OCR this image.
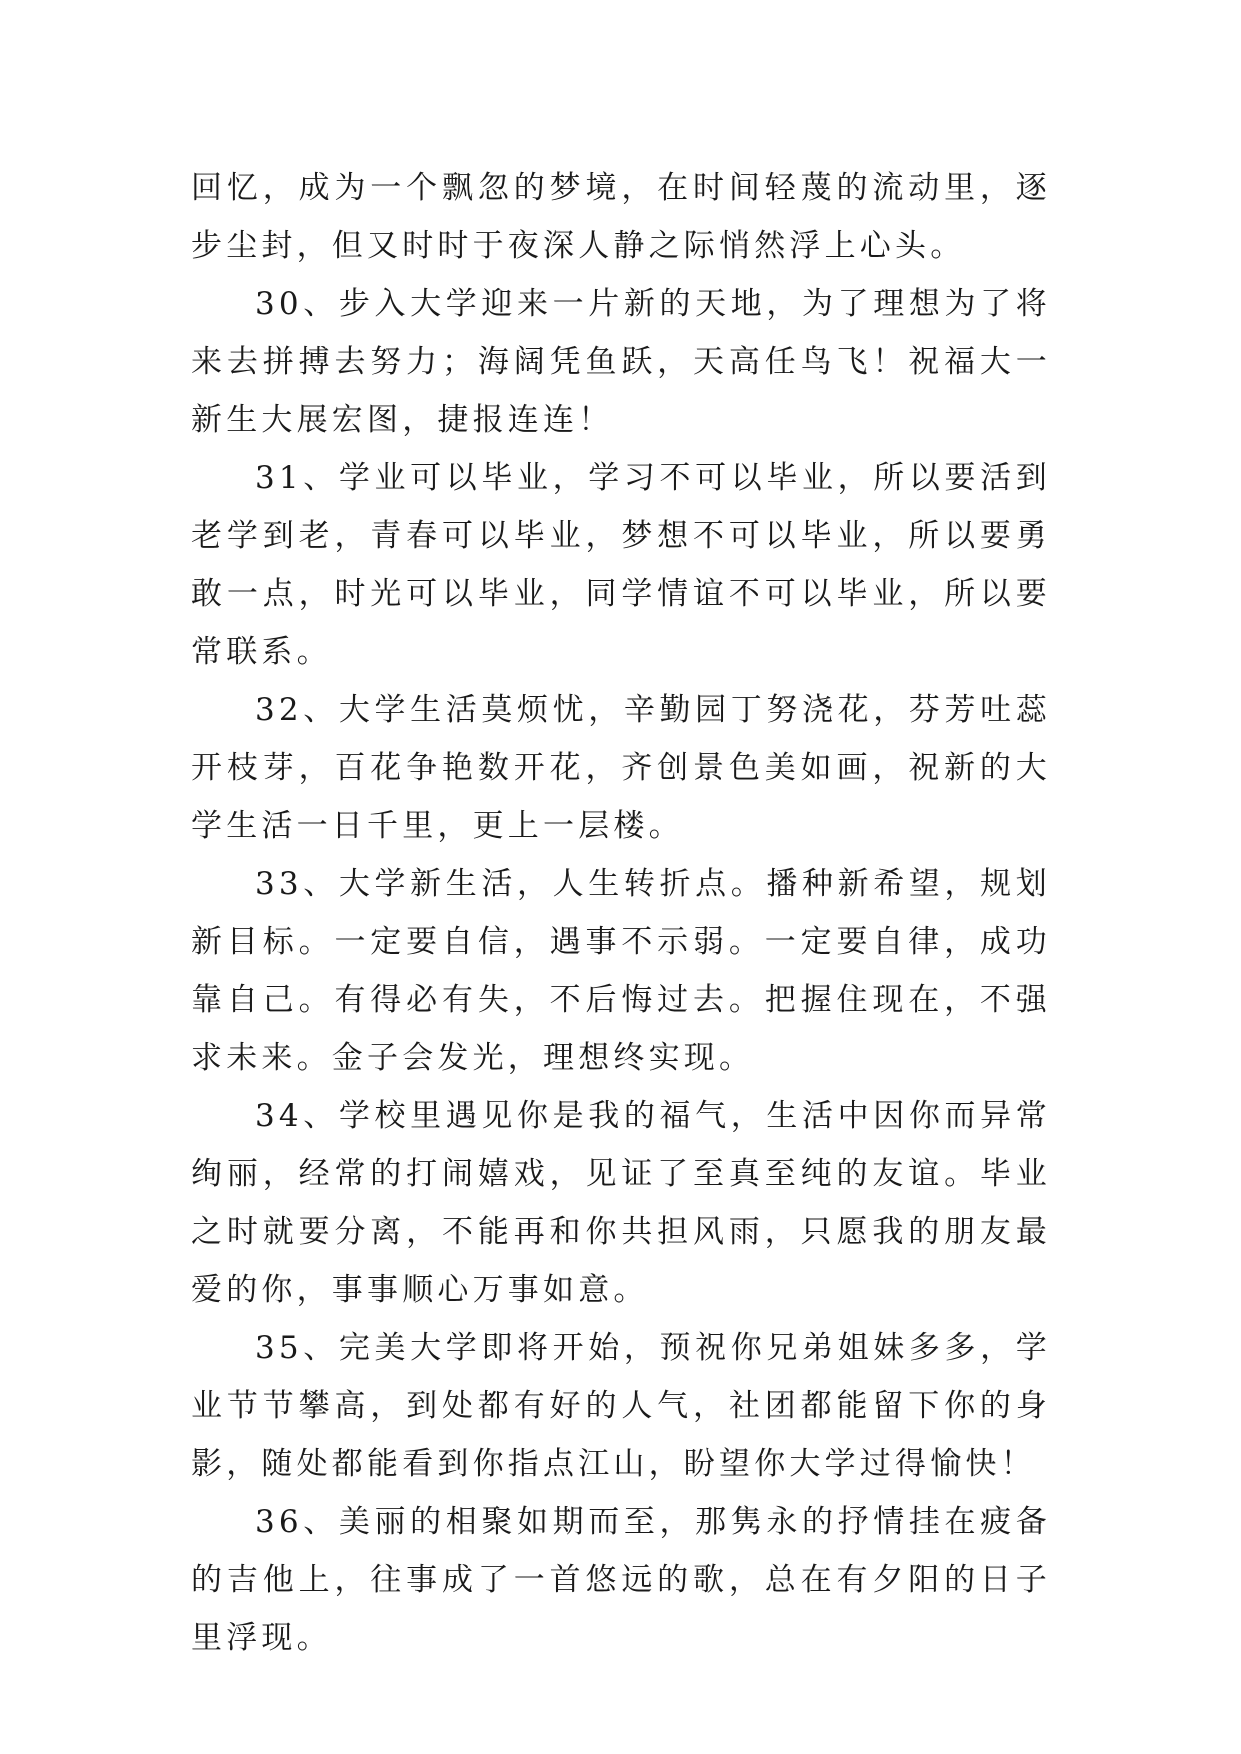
回忆，成为一个飘忽的梦境，在时间轻蔑的流动里，逐步尘封，但又时时于夜深人静之际悄然浮上心头。

30、步入大学迎来一片新的天地，为了理想为了将来去拼搏去努力；海阔凭鱼跃，天高任鸟飞！祝福大一新生大展宏图，捷报连连！

31、学业可以毕业，学习不可以毕业，所以要活到老学到老，青春可以毕业，梦想不可以毕业，所以要勇敢一点，时光可以毕业，同学情谊不可以毕业，所以要常联系。

32、大学生活莫烦忧，辛勤园丁努浇花，芬芳吐蕊开枝芽，百花争艳数开花，齐创景色美如画，祝新的大学生活一日千里，更上一层楼。

33、大学新生活，人生转折点。播种新希望，规划新目标。一定要自信，遇事不示弱。一定要自律，成功靠自己。有得必有失，不后悔过去。把握住现在，不强求未来。金子会发光，理想终实现。

34、学校里遇见你是我的福气，生活中因你而异常绚丽，经常的打闹嬉戏，见证了至真至纯的友谊。毕业之时就要分离，不能再和你共担风雨，只愿我的朋友最爱的你，事事顺心万事如意。

35、完美大学即将开始，预祝你兄弟姐妹多多，学业节节攀高，到处都有好的人气，社团都能留下你的身影，随处都能看到你指点江山，盼望你大学过得愉快！

36、美丽的相聚如期而至，那隽永的抒情挂在疲备的吉他上，往事成了一首悠远的歌，总在有夕阳的日子里浮现。
